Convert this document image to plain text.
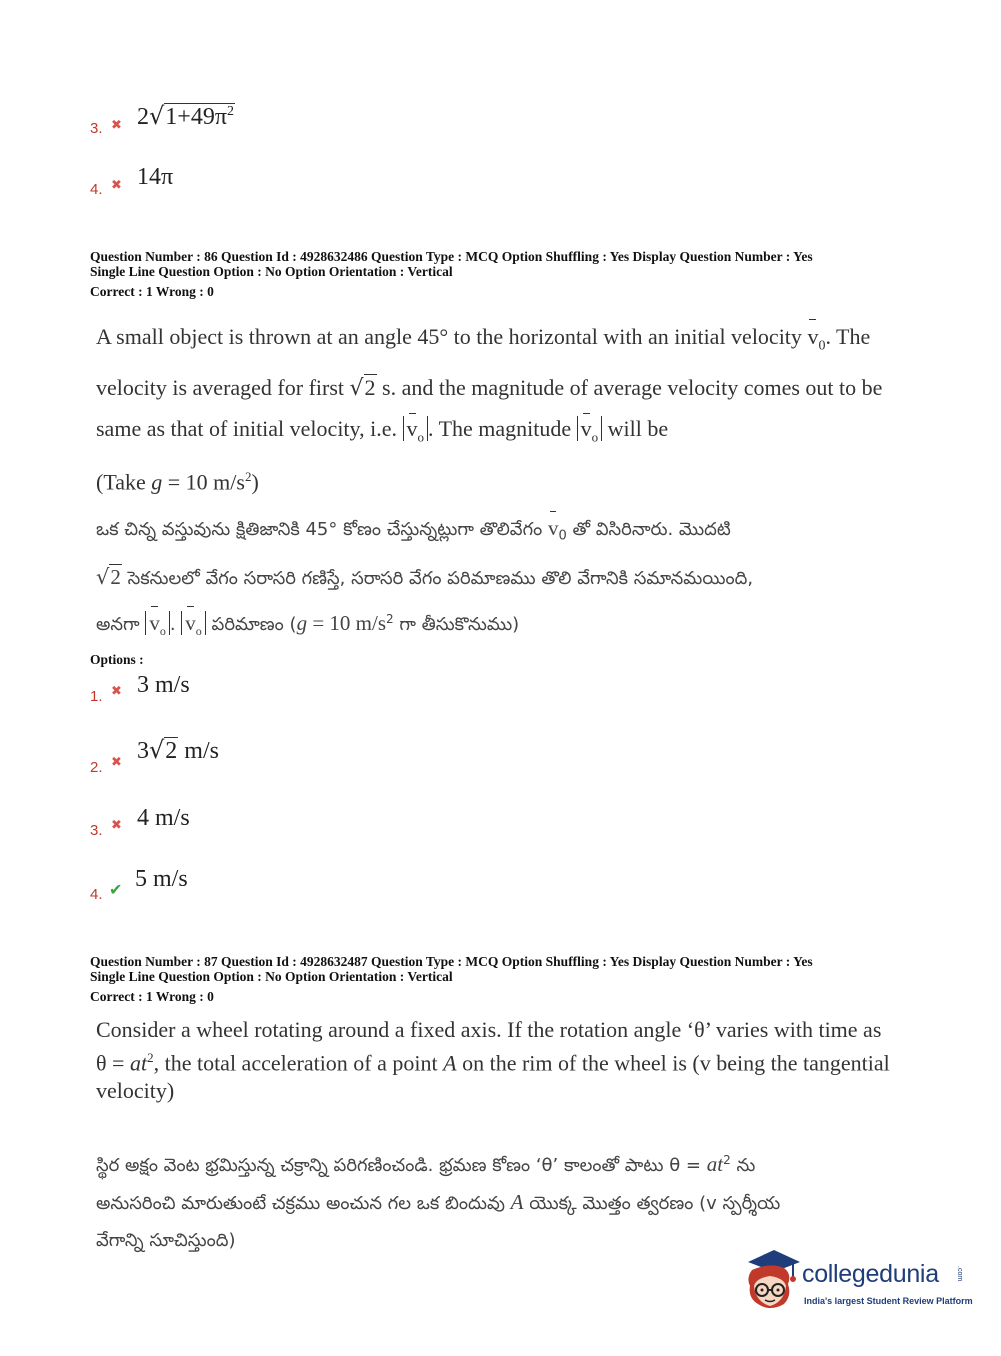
3. ✖ $2√1+49\pi^2$
4. ✖ 14π
Question Number : 86 Question Id : 4928632486 Question Type : MCQ Option Shuffling : Yes Display Question Number : Yes
Single Line Question Option : No Option Orientation : Vertical
Correct : 1 Wrong : 0
A small object is thrown at an angle 45° to the horizontal with an initial velocity $v_0$. The
velocity is averaged for first √2 s. and the magnitude of average velocity comes out to be
same as that of initial velocity, i.e. $v_o$ . The magnitude $v_o$ will be
(Take g = 10 $m/s^2$)
ఒక చిన్న వస్తువును క్షితిజానికి 45° కోణం చేస్తున్నట్లుగా తొలివేగం $v_0$ తో విసిరినారు. మొదటి
√2 సెకనులలో వేగం సరాసరి గణిస్తే, సరాసరి వేగం పరిమాణము తొలి వేగానికి సమానమయింది,
అనగా $v_o$ . $v_o$ పరిమాణం (g = 10 $m/s^2$ గా తీసుకొనుము)
Options :
1. ✖ 3 m/s
2. ✖ 3√2 m/s
3. ✖ 4 m/s
4. ✔ 5 m/s
Question Number : 87 Question Id : 4928632487 Question Type : MCQ Option Shuffling : Yes Display Question Number : Yes
Single Line Question Option : No Option Orientation : Vertical
Correct : 1 Wrong : 0
Consider a wheel rotating around a fixed axis. If the rotation angle ‘θ’ varies with time as
$\theta = at^2$, the total acceleration of a point A on the rim of the wheel is (v being the tangential
velocity)
స్థిర అక్షం వెంట భ్రమిస్తున్న చక్రాన్ని పరిగణించండి. భ్రమణ కోణం ‘θ’ కాలంతో పాటు $\theta = at^2$ ను
అనుసరించి మారుతుంటే చక్రము అంచున గల ఒక బిందువు A యొక్క మొత్తం త్వరణం (v స్పర్శీయ
వేగాన్ని సూచిస్తుంది)
collegedunia .com
India's largest Student Review Platform
